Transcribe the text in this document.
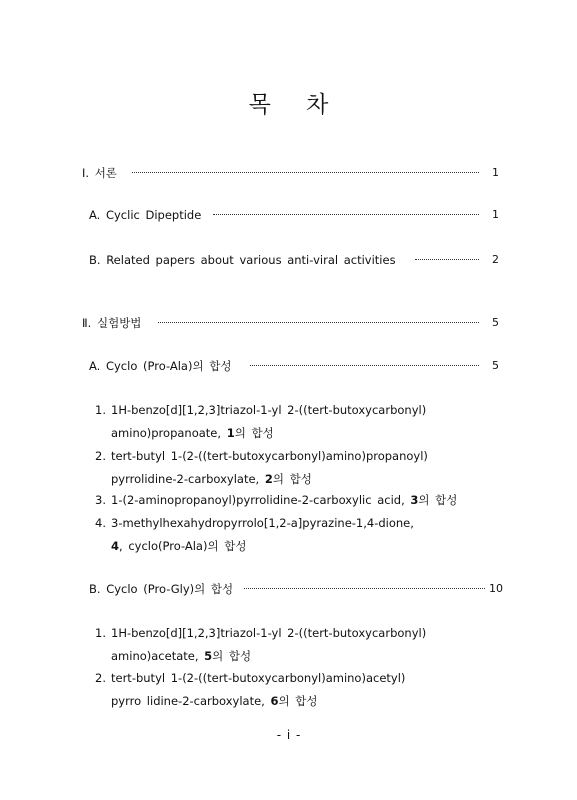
목 차
Ⅰ. 서론	1
A. Cyclic Dipeptide	1
B. Related papers about various anti-viral activities	2
Ⅱ. 실험방법	5
A. Cyclo (Pro-Ala)의 합성	5
1. 1H-benzo[d][1,2,3]triazol-1-yl 2-((tert-butoxycarbonyl)
amino)propanoate, 1의 합성
2. tert-butyl 1-(2-((tert-butoxycarbonyl)amino)propanoyl)
pyrrolidine-2-carboxylate, 2의 합성
3. 1-(2-aminopropanoyl)pyrrolidine-2-carboxylic acid, 3의 합성
4. 3-methylhexahydropyrrolo[1,2-a]pyrazine-1,4-dione,
4, cyclo(Pro-Ala)의 합성
B. Cyclo (Pro-Gly)의 합성	10
1. 1H-benzo[d][1,2,3]triazol-1-yl 2-((tert-butoxycarbonyl)
amino)acetate, 5의 합성
2. tert-butyl 1-(2-((tert-butoxycarbonyl)amino)acetyl)
pyrro lidine-2-carboxylate, 6의 합성
- i -
